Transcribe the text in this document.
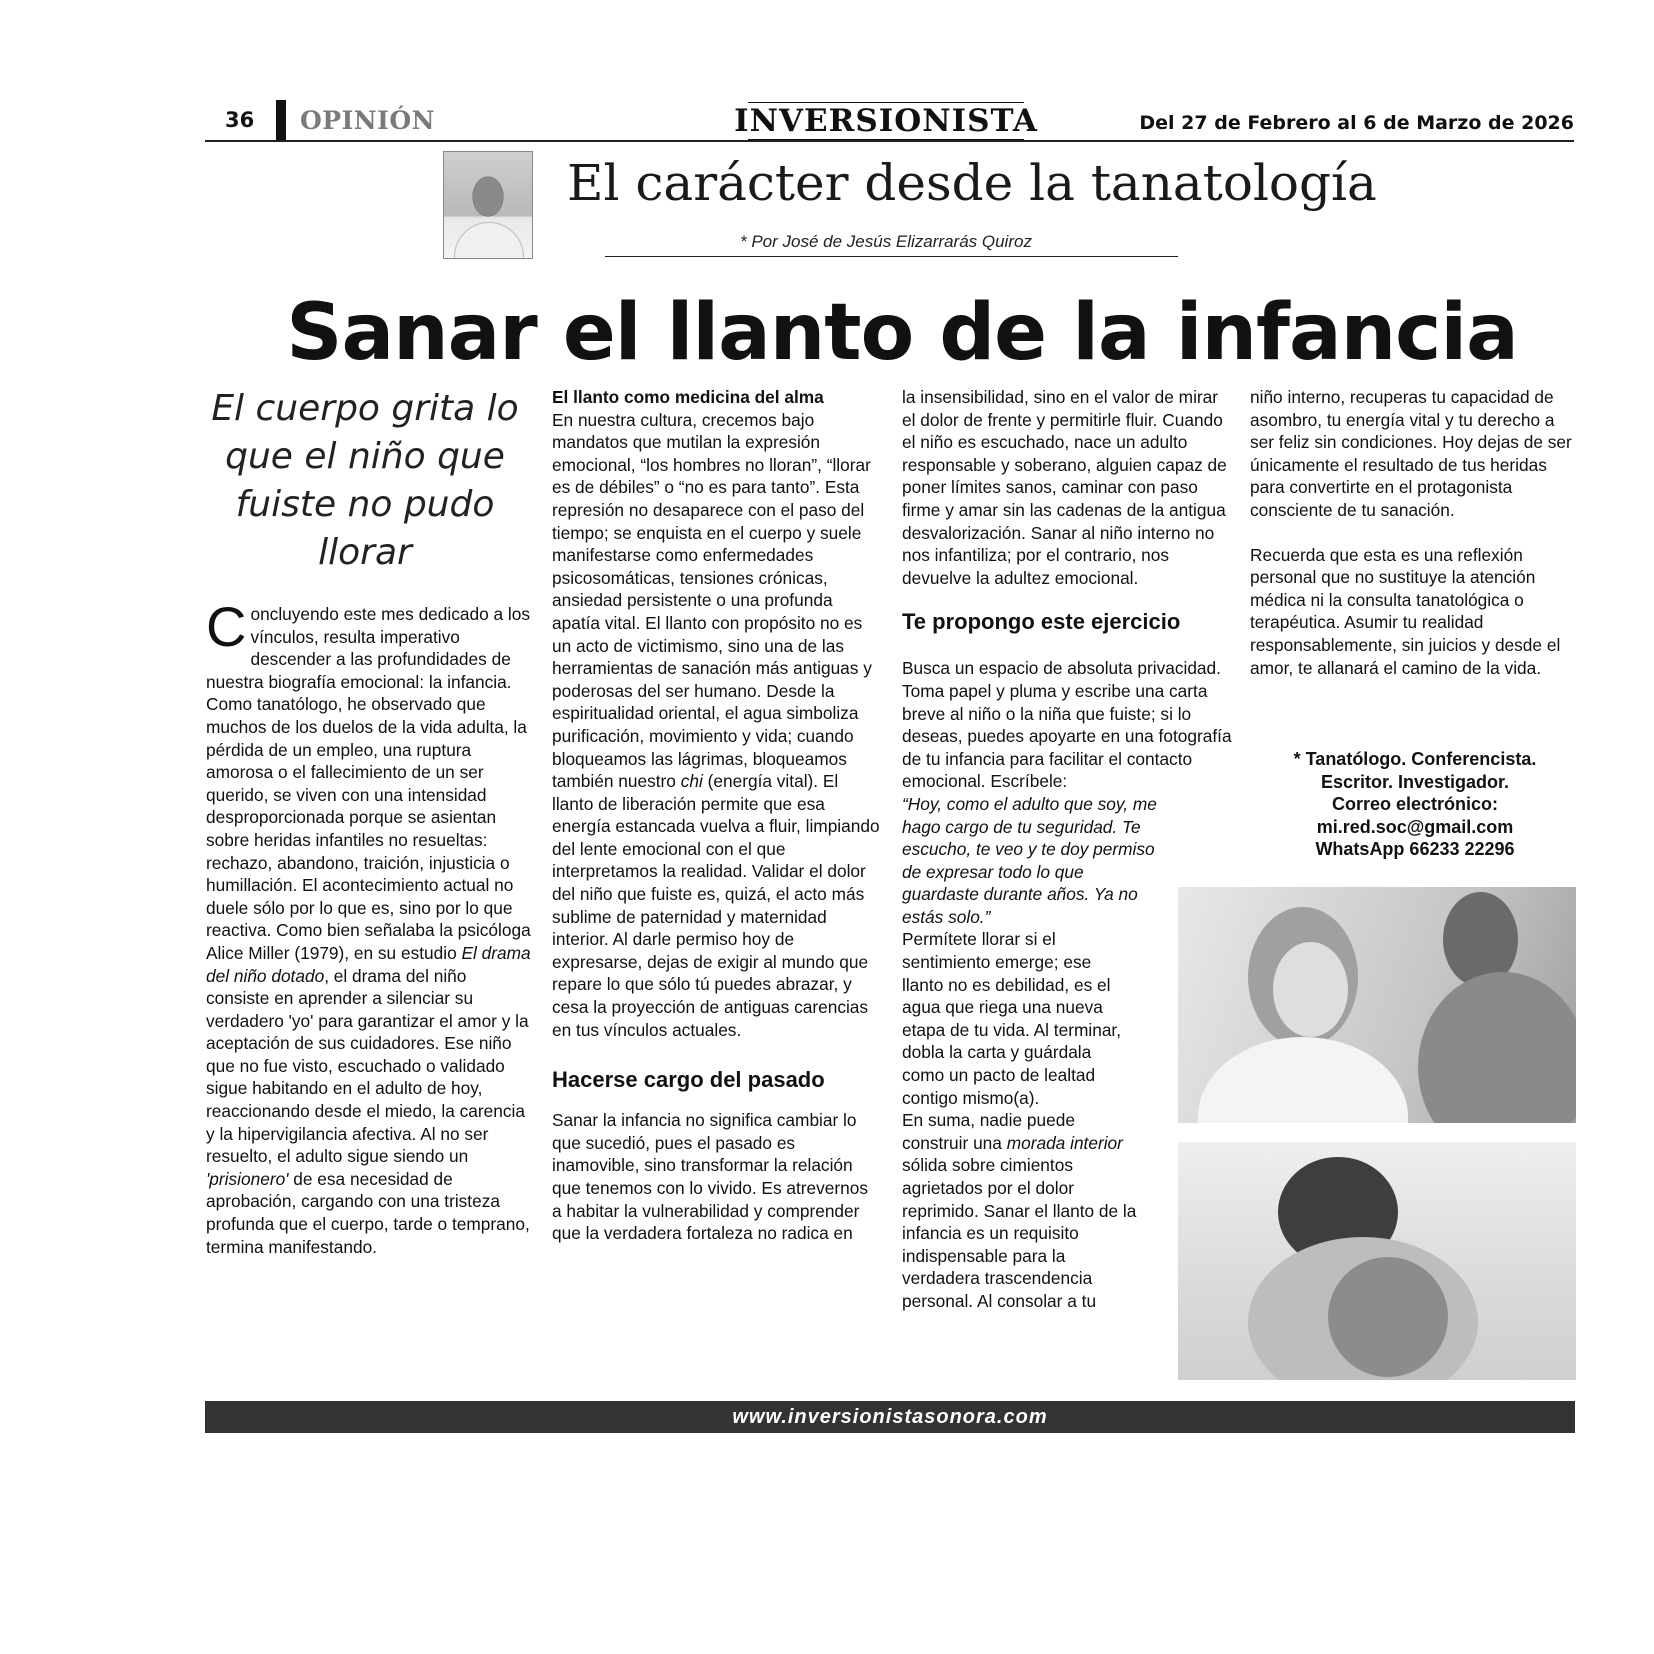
36 OPINIÓN	INVERSIONISTA	Del 27 de Febrero al 6 de Marzo de 2026
El carácter desde la tanatología
* Por José de Jesús Elizarrarás Quiroz
Sanar el llanto de la infancia
El cuerpo grita lo que el niño que fuiste no pudo llorar

Concluyendo este mes dedicado a los vínculos, resulta imperativo descender a las profundidades de nuestra biografía emocional: la infancia. Como tanatólogo, he observado que muchos de los duelos de la vida adulta, la pérdida de un empleo, una ruptura amorosa o el fallecimiento de un ser querido, se viven con una intensidad desproporcionada porque se asientan sobre heridas infantiles no resueltas: rechazo, abandono, traición, injusticia o humillación. El acontecimiento actual no duele sólo por lo que es, sino por lo que reactiva. Como bien señalaba la psicóloga Alice Miller (1979), en su estudio El drama del niño dotado, el drama del niño consiste en aprender a silenciar su verdadero 'yo' para garantizar el amor y la aceptación de sus cuidadores. Ese niño que no fue visto, escuchado o validado sigue habitando en el adulto de hoy, reaccionando desde el miedo, la carencia y la hipervigilancia afectiva. Al no ser resuelto, el adulto sigue siendo un 'prisionero' de esa necesidad de aprobación, cargando con una tristeza profunda que el cuerpo, tarde o temprano, termina manifestando.

El llanto como medicina del alma
En nuestra cultura, crecemos bajo mandatos que mutilan la expresión emocional, “los hombres no lloran”, “llorar es de débiles” o “no es para tanto”. Esta represión no desaparece con el paso del tiempo; se enquista en el cuerpo y suele manifestarse como enfermedades psicosomáticas, tensiones crónicas, ansiedad persistente o una profunda apatía vital. El llanto con propósito no es un acto de victimismo, sino una de las herramientas de sanación más antiguas y poderosas del ser humano. Desde la espiritualidad oriental, el agua simboliza purificación, movimiento y vida; cuando bloqueamos las lágrimas, bloqueamos también nuestro chi (energía vital). El llanto de liberación permite que esa energía estancada vuelva a fluir, limpiando del lente emocional con el que interpretamos la realidad. Validar el dolor del niño que fuiste es, quizá, el acto más sublime de paternidad y maternidad interior. Al darle permiso hoy de expresarse, dejas de exigir al mundo que repare lo que sólo tú puedes abrazar, y cesa la proyección de antiguas carencias en tus vínculos actuales.

Hacerse cargo del pasado

Sanar la infancia no significa cambiar lo que sucedió, pues el pasado es inamovible, sino transformar la relación que tenemos con lo vivido. Es atrevernos a habitar la vulnerabilidad y comprender que la verdadera fortaleza no radica en

la insensibilidad, sino en el valor de mirar el dolor de frente y permitirle fluir. Cuando el niño es escuchado, nace un adulto responsable y soberano, alguien capaz de poner límites sanos, caminar con paso firme y amar sin las cadenas de la antigua desvalorización. Sanar al niño interno no nos infantiliza; por el contrario, nos devuelve la adultez emocional.

Te propongo este ejercicio

Busca un espacio de absoluta privacidad. Toma papel y pluma y escribe una carta breve al niño o la niña que fuiste; si lo deseas, puedes apoyarte en una fotografía de tu infancia para facilitar el contacto emocional. Escríbele:

“Hoy, como el adulto que soy, me hago cargo de tu seguridad. Te escucho, te veo y te doy permiso de expresar todo lo que guardaste durante años. Ya no estás solo.”

Permítete llorar si el sentimiento emerge; ese llanto no es debilidad, es el agua que riega una nueva etapa de tu vida. Al terminar, dobla la carta y guárdala como un pacto de lealtad contigo mismo(a).

En suma, nadie puede construir una morada interior sólida sobre cimientos agrietados por el dolor reprimido. Sanar el llanto de la infancia es un requisito indispensable para la verdadera trascendencia personal. Al consolar a tu

niño interno, recuperas tu capacidad de asombro, tu energía vital y tu derecho a ser feliz sin condiciones. Hoy dejas de ser únicamente el resultado de tus heridas para convertirte en el protagonista consciente de tu sanación.

Recuerda que esta es una reflexión personal que no sustituye la atención médica ni la consulta tanatológica o terapéutica. Asumir tu realidad responsablemente, sin juicios y desde el amor, te allanará el camino de la vida.

* Tanatólogo. Conferencista.
Escritor. Investigador.
Correo electrónico:
mi.red.soc@gmail.com
WhatsApp 66233 22296
www.inversionistasonora.com
